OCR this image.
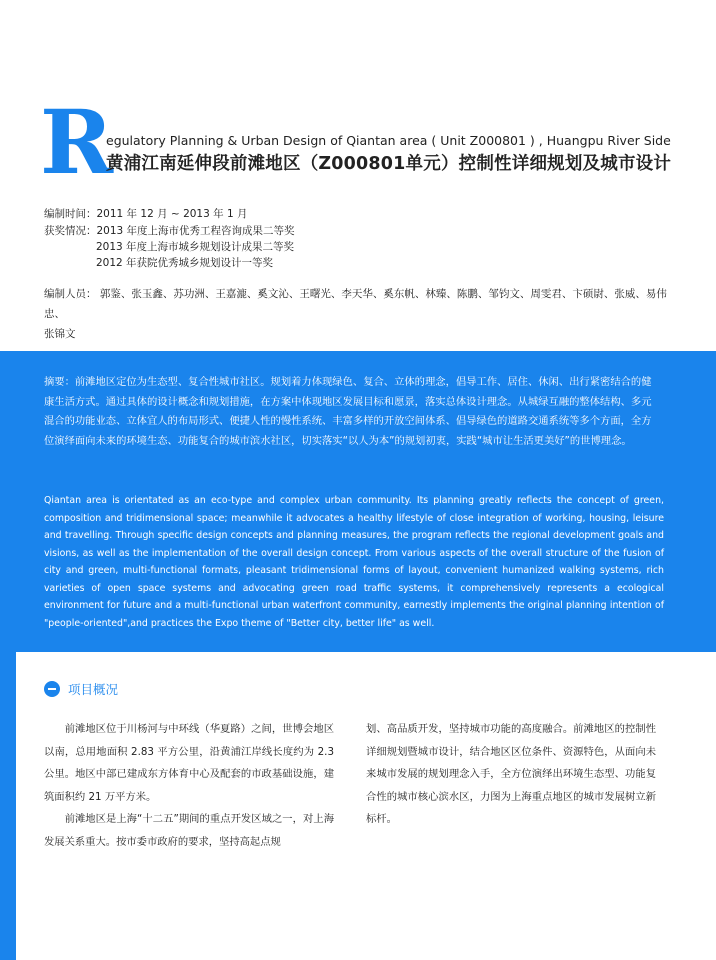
R
egulatory Planning & Urban Design of Qiantan area ( Unit Z000801 ) , Huangpu River Side
黄浦江南延伸段前滩地区（Z000801单元）控制性详细规划及城市设计
编制时间：2011 年 12 月 ~ 2013 年 1 月
获奖情况：2013 年度上海市优秀工程咨询成果二等奖
2013 年度上海市城乡规划设计成果二等奖
2012 年获院优秀城乡规划设计一等奖
编制人员： 郭鉴、张玉鑫、苏功洲、王嘉漉、奚文沁、王曙光、李天华、奚东帆、林臻、陈鹏、邹钧文、周雯君、卞硕尉、张威、易伟忠、
张锦文
摘要：前滩地区定位为生态型、复合性城市社区。规划着力体现绿色、复合、立体的理念，倡导工作、居住、休闲、出行紧密结合的健康生活方式。通过具体的设计概念和规划措施，在方案中体现地区发展目标和愿景，落实总体设计理念。从城绿互融的整体结构、多元混合的功能业态、立体宜人的布局形式、便捷人性的慢性系统、丰富多样的开放空间体系、倡导绿色的道路交通系统等多个方面，全方位演绎面向未来的环境生态、功能复合的城市滨水社区，切实落实“以人为本”的规划初衷，实践“城市让生活更美好”的世博理念。
Qiantan area is orientated as an eco-type and complex urban community. Its planning greatly reflects the concept of green, composition and tridimensional space; meanwhile it advocates a healthy lifestyle of close integration of working, housing, leisure and travelling. Through specific design concepts and planning measures, the program reflects the regional development goals and visions, as well as the implementation of the overall design concept. From various aspects of the overall structure of the fusion of city and green, multi-functional formats, pleasant tridimensional forms of layout, convenient humanized walking systems, rich varieties of open space systems and advocating green road traffic systems, it comprehensively represents a ecological environment for future and a multi-functional urban waterfront community, earnestly implements the original planning intention of "people-oriented",and practices the Expo theme of "Better city, better life" as well.
项目概况

前滩地区位于川杨河与中环线（华夏路）之间，世博会地区以南，总用地面积 2.83 平方公里，沿黄浦江岸线长度约为 2.3 公里。地区中部已建成东方体育中心及配套的市政基础设施，建筑面积约 21 万平方米。

前滩地区是上海“十二五”期间的重点开发区域之一，对上海发展关系重大。按市委市政府的要求，坚持高起点规

划、高品质开发，坚持城市功能的高度融合。前滩地区的控制性详细规划暨城市设计，结合地区区位条件、资源特色，从面向未来城市发展的规划理念入手，全方位演绎出环境生态型、功能复合性的城市核心滨水区，力图为上海重点地区的城市发展树立新标杆。
